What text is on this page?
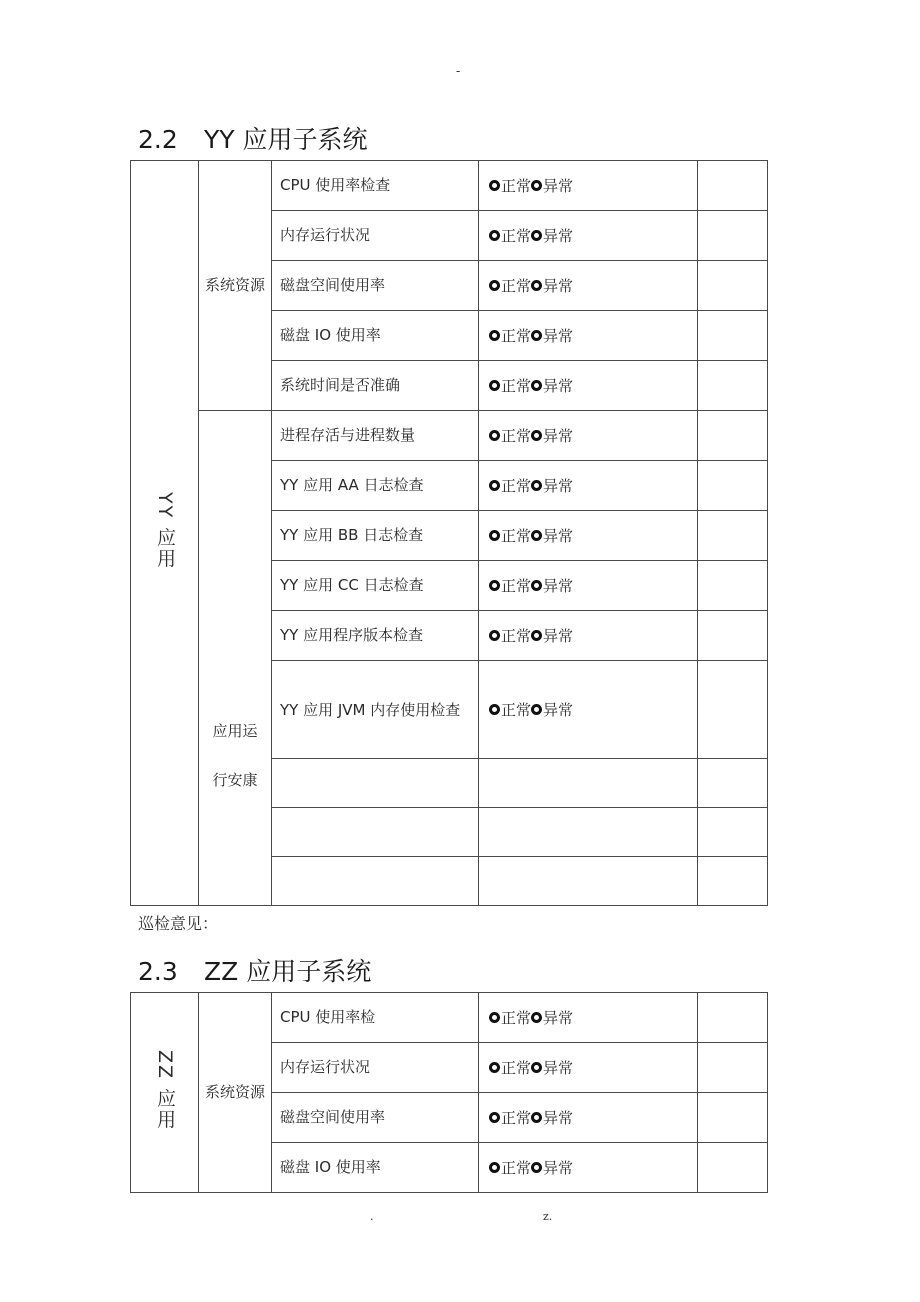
-
2.2	YY 应用子系统
YY 应用	系统资源	CPU 使用率检查	正常 异常	

		内存运行状况	正常 异常	

		磁盘空间使用率	正常 异常	

		磁盘 IO 使用率	正常 异常	

		系统时间是否准确	正常 异常	

	应用运行安康	进程存活与进程数量	正常 异常	

		YY 应用 AA 日志检查	正常 异常	

		YY 应用 BB 日志检查	正常 异常	

		YY 应用 CC 日志检查	正常 异常	

		YY 应用程序版本检查	正常 异常	

		YY 应用 JVM 内存使用检查	正常 异常	

巡检意见：
2.3	ZZ 应用子系统
ZZ 应用	系统资源	CPU 使用率检	正常 异常	

		内存运行状况	正常 异常	

		磁盘空间使用率	正常 异常	

		磁盘 IO 使用率	正常 异常	

.	z.
